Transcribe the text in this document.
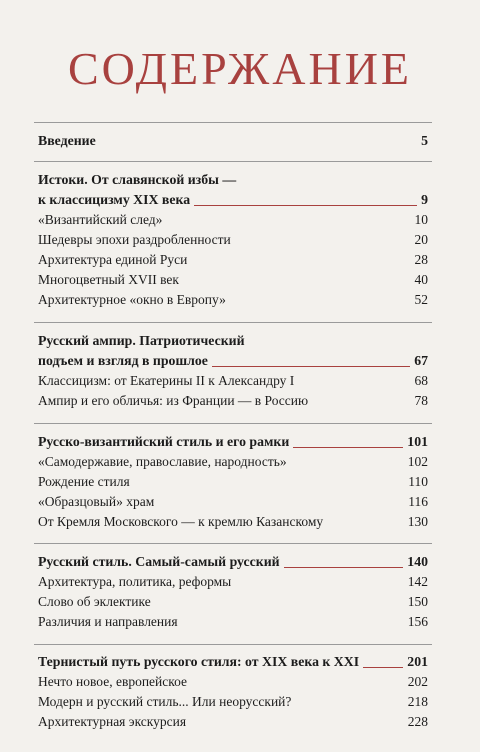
СОДЕРЖАНИЕ
Введение	5
Истоки. От славянской избы —
к классицизму XIX века	9
«Византийский след»	10
Шедевры эпохи раздробленности	20
Архитектура единой Руси	28
Многоцветный XVII век	40
Архитектурное «окно в Европу»	52
Русский ампир. Патриотический
подъем и взгляд в прошлое	67
Классицизм: от Екатерины II к Александру I	68
Ампир и его обличья: из Франции — в Россию	78
Русско-византийский стиль и его рамки	101
«Самодержавие, православие, народность»	102
Рождение стиля	110
«Образцовый» храм	116
От Кремля Московского — к кремлю Казанскому	130
Русский стиль. Самый-самый русский	140
Архитектура, политика, реформы	142
Слово об эклектике	150
Различия и направления	156
Тернистый путь русского стиля: от XIX века к XXI	201
Нечто новое, европейское	202
Модерн и русский стиль... Или неорусский?	218
Архитектурная экскурсия	228
